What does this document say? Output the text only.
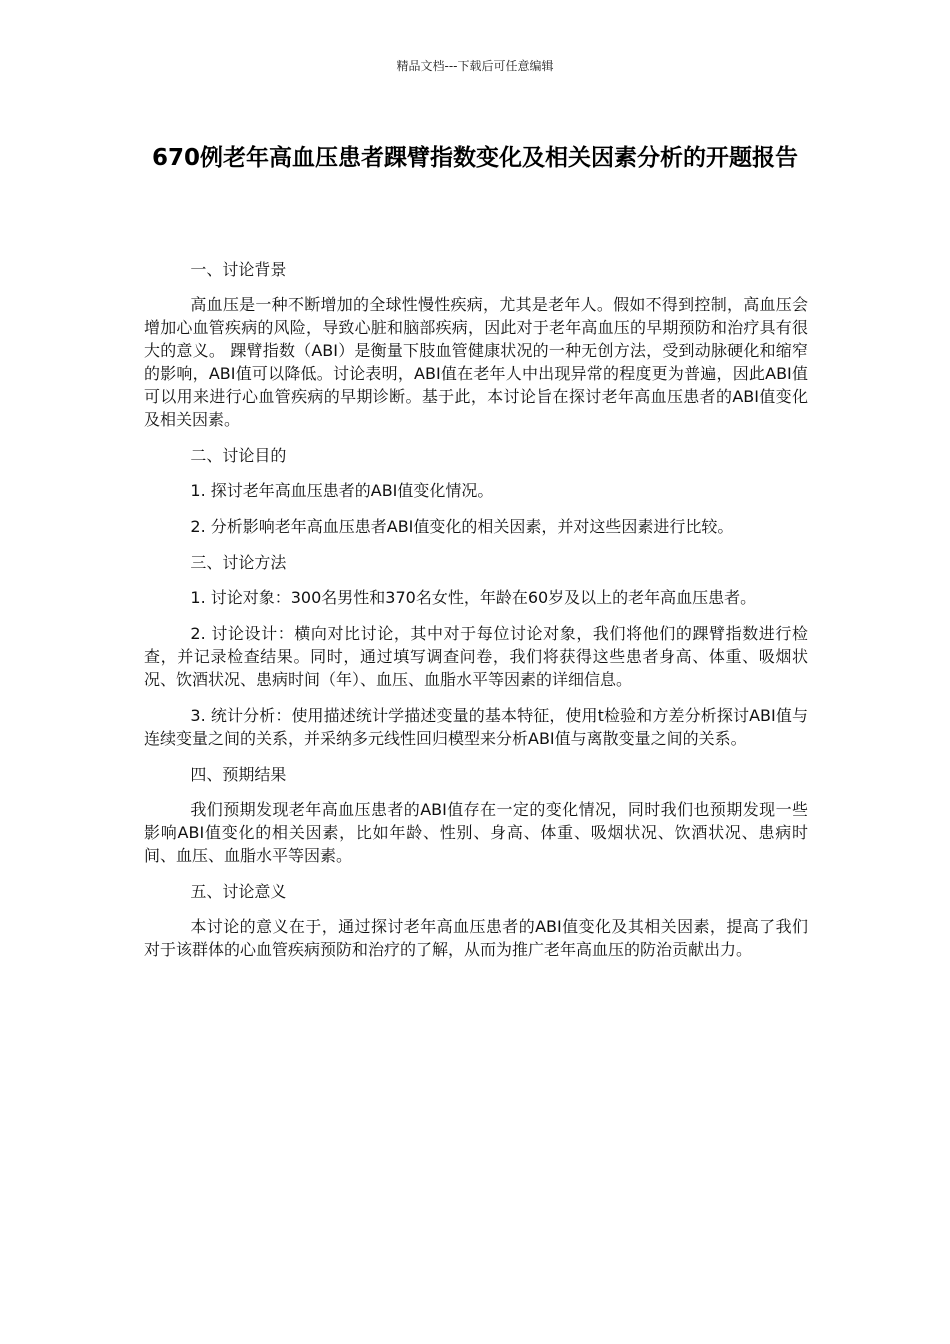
精品文档---下载后可任意编辑
670例老年高血压患者踝臂指数变化及相关因素分析的开题报告

一、讨论背景

高血压是一种不断增加的全球性慢性疾病，尤其是老年人。假如不得到控制，高血压会增加心血管疾病的风险，导致心脏和脑部疾病，因此对于老年高血压的早期预防和治疗具有很大的意义。 踝臂指数（ABI）是衡量下肢血管健康状况的一种无创方法，受到动脉硬化和缩窄的影响，ABI值可以降低。讨论表明，ABI值在老年人中出现异常的程度更为普遍，因此ABI值可以用来进行心血管疾病的早期诊断。基于此，本讨论旨在探讨老年高血压患者的ABI值变化及相关因素。

二、讨论目的

1. 探讨老年高血压患者的ABI值变化情况。

2. 分析影响老年高血压患者ABI值变化的相关因素，并对这些因素进行比较。

三、讨论方法

1. 讨论对象：300名男性和370名女性，年龄在60岁及以上的老年高血压患者。

2. 讨论设计：横向对比讨论，其中对于每位讨论对象，我们将他们的踝臂指数进行检查，并记录检查结果。同时，通过填写调查问卷，我们将获得这些患者身高、体重、吸烟状况、饮酒状况、患病时间（年）、血压、血脂水平等因素的详细信息。

3. 统计分析：使用描述统计学描述变量的基本特征，使用t检验和方差分析探讨ABI值与连续变量之间的关系，并采纳多元线性回归模型来分析ABI值与离散变量之间的关系。

四、预期结果

我们预期发现老年高血压患者的ABI值存在一定的变化情况，同时我们也预期发现一些影响ABI值变化的相关因素，比如年龄、性别、身高、体重、吸烟状况、饮酒状况、患病时间、血压、血脂水平等因素。

五、讨论意义

本讨论的意义在于，通过探讨老年高血压患者的ABI值变化及其相关因素，提高了我们对于该群体的心血管疾病预防和治疗的了解，从而为推广老年高血压的防治贡献出力。
